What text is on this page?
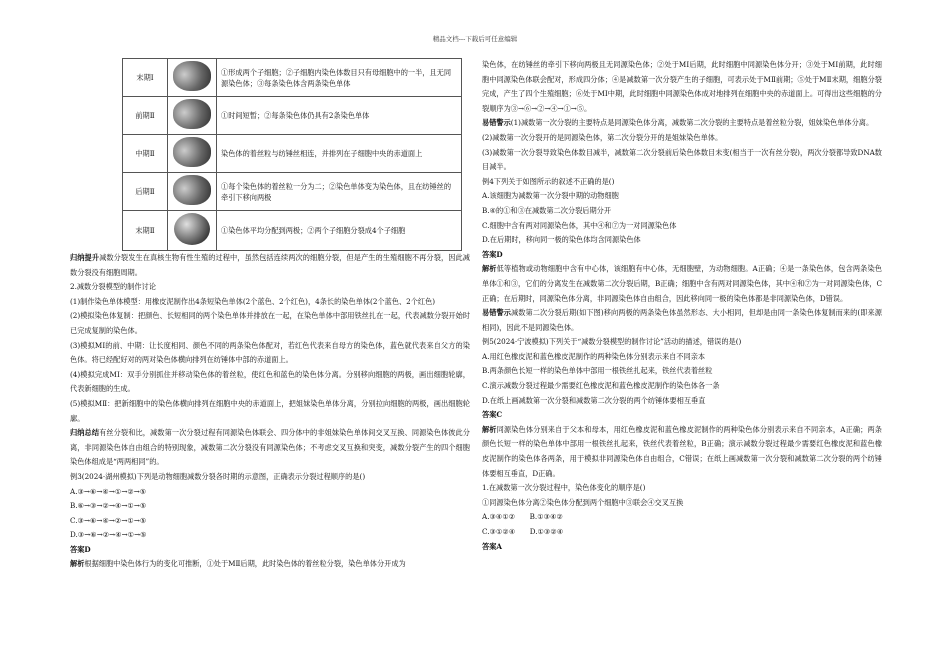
精品文档---下载后可任意编辑
末期Ⅰ		①形成两个子细胞；②子细胞内染色体数目只有母细胞中的一半，且无同源染色体；③每条染色体含两条染色单体
前期Ⅱ		①时间短暂；②每条染色体仍具有2条染色单体
中期Ⅱ		染色体的着丝粒与纺锤丝相连，并排列在子细胞中央的赤道面上
后期Ⅱ		①每个染色体的着丝粒一分为二；②染色单体变为染色体，且在纺锤丝的牵引下移向两极
末期Ⅱ		①染色体平均分配到两极；②两个子细胞分裂成4个子细胞

归纳提升减数分裂发生在真核生物有性生殖的过程中，虽然包括连续两次的细胞分裂，但是产生的生殖细胞不再分裂，因此减数分裂没有细胞周期。

2.减数分裂模型的制作讨论

(1)制作染色单体模型：用橡皮泥制作出4条短染色单体(2个蓝色、2个红色)，4条长的染色单体(2个蓝色、2个红色)

(2)模拟染色体复制：把颜色、长短相同的两个染色单体并排放在一起，在染色单体中部用铁丝扎在一起，代表减数分裂开始时已完成复制的染色体。

(3)模拟MⅠ的前、中期：让长度相同、颜色不同的两条染色体配对，若红色代表来自母方的染色体，蓝色就代表来自父方的染色体。将已经配好对的两对染色体横向排列在纺锤体中部的赤道面上。

(4)模拟完成MⅠ：双手分别抓住并移动染色体的着丝粒，使红色和蓝色的染色体分离。分别移向细胞的两极，画出细胞轮廓，代表新细胞的生成。

(5)模拟MⅡ：把新细胞中的染色体横向排列在细胞中央的赤道面上，把姐妹染色单体分离，分别拉向细胞的两极，画出细胞轮廓。

归纳总结有丝分裂和比，减数第一次分裂过程有同源染色体联会、四分体中的非姐妹染色单体间交叉互换、同源染色体彼此分离，非同源染色体自由组合的特别现象，减数第二次分裂没有同源染色体；不考虑交叉互换和突变，减数分裂产生的四个细胞染色体组成是“两两相同”的。

例3(2024·湖州模拟)下列是动物细胞减数分裂各时期的示意图，正确表示分裂过程顺序的是()

A.③→⑥→④→①→②→⑤

B.⑥→③→②→④→①→⑤

C.③→⑥→④→②→①→⑤

D.③→⑥→②→④→①→⑤

答案D

解析根据细胞中染色体行为的变化可推断，①处于MⅡ后期，此时染色体的着丝粒分裂，染色单体分开成为

染色体，在纺锤丝的牵引下移向两极且无同源染色体；②处于MⅠ后期，此时细胞中同源染色体分开；③处于MⅠ前期，此时细胞中同源染色体联会配对，形成四分体；④是减数第一次分裂产生的子细胞，可表示处于MⅡ前期；⑤处于MⅡ末期，细胞分裂完成，产生了四个生殖细胞；⑥处于MⅠ中期，此时细胞中同源染色体成对地排列在细胞中央的赤道面上。可得出这些细胞的分裂顺序为③→⑥→②→④→①→⑤。

易错警示(1)减数第一次分裂的主要特点是同源染色体分离，减数第二次分裂的主要特点是着丝粒分裂，姐妹染色单体分离。

(2)减数第一次分裂开的是同源染色体，第二次分裂分开的是姐妹染色单体。

(3)减数第一次分裂导致染色体数目减半，减数第二次分裂前后染色体数目未变(相当于一次有丝分裂)，两次分裂都导致DNA数目减半。

例4下列关于如图所示的叙述不正确的是()

A.该细胞为减数第一次分裂中期的动物细胞

B.④的①和③在减数第二次分裂后期分开

C.细胞中含有两对同源染色体，其中④和⑦为一对同源染色体

D.在后期时，移向同一极的染色体均含同源染色体

答案D

解析低等植物或动物细胞中含有中心体，该细胞有中心体，无细胞壁，为动物细胞。A正确；④是一条染色体，包含两条染色单体①和③，它们的分离发生在减数第二次分裂后期，B正确；细胞中含有两对同源染色体，其中④和⑦为一对同源染色体，C正确；在后期时，同源染色体分离，非同源染色体自由组合，因此移向同一极的染色体都是非同源染色体，D错误。

易错警示减数第二次分裂后期(如下图)移向两极的两条染色体虽然形态、大小相同，但却是由同一条染色体复制而来的(即来源相同)，因此不是同源染色体。

例5(2024·宁波模拟)下列关于“减数分裂模型的制作讨论”活动的描述，错误的是()

A.用红色橡皮泥和蓝色橡皮泥制作的两种染色体分别表示来自不同亲本

B.两条颜色长短一样的染色单体中部用一根铁丝扎起来，铁丝代表着丝粒

C.演示减数分裂过程最少需要红色橡皮泥和蓝色橡皮泥制作的染色体各一条

D.在纸上画减数第一次分裂和减数第二次分裂的两个纺锤体要相互垂直

答案C

解析同源染色体分别来自于父本和母本，用红色橡皮泥和蓝色橡皮泥制作的两种染色体分别表示来自不同亲本，A正确；两条颜色长短一样的染色单体中部用一根铁丝扎起来，铁丝代表着丝粒，B正确；演示减数分裂过程最少需要红色橡皮泥和蓝色橡皮泥制作的染色体各两条，用于模拟非同源染色体自由组合，C错误；在纸上画减数第一次分裂和减数第二次分裂的两个纺锤体要相互垂直，D正确。

1.在减数第一次分裂过程中，染色体变化的顺序是()

①同源染色体分离②染色体分配到两个细胞中③联会④交叉互换

A.③④①②　　 B.①③④②

C.③①②④　　 D.①③②④

答案A
